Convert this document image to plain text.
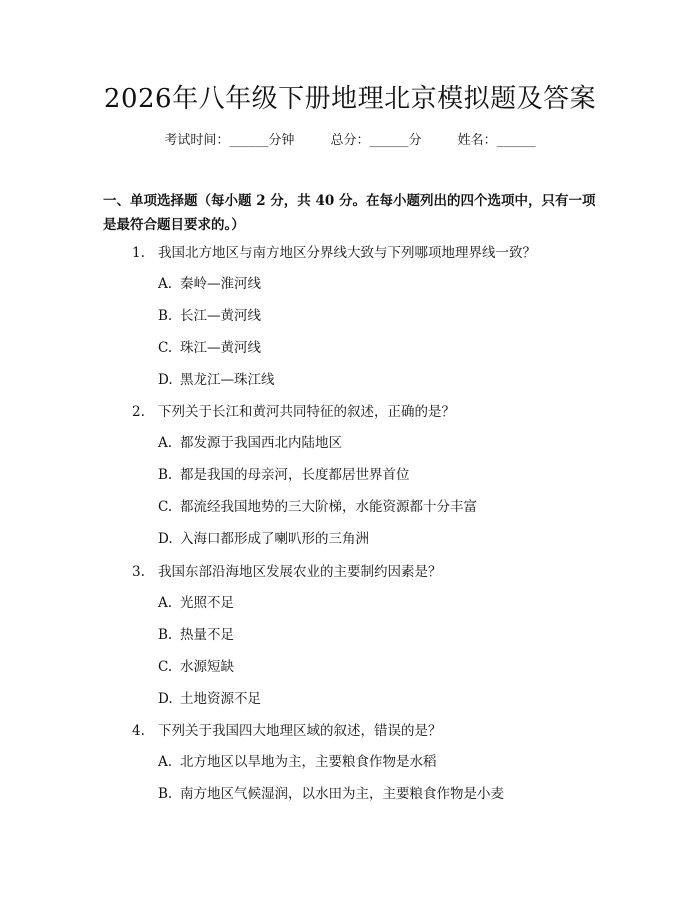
2026年八年级下册地理北京模拟题及答案
考试时间：______分钟	总分：______分	姓名：______
一、单项选择题（每小题 2 分，共 40 分。在每小题列出的四个选项中，只有一项
是最符合题目要求的。）
1. 我国北方地区与南方地区分界线大致与下列哪项地理界线一致？
A. 秦岭—淮河线
B. 长江—黄河线
C. 珠江—黄河线
D. 黑龙江—珠江线
2. 下列关于长江和黄河共同特征的叙述，正确的是？
A. 都发源于我国西北内陆地区
B. 都是我国的母亲河，长度都居世界首位
C. 都流经我国地势的三大阶梯，水能资源都十分丰富
D. 入海口都形成了喇叭形的三角洲
3. 我国东部沿海地区发展农业的主要制约因素是？
A. 光照不足
B. 热量不足
C. 水源短缺
D. 土地资源不足
4. 下列关于我国四大地理区域的叙述，错误的是？
A. 北方地区以旱地为主，主要粮食作物是水稻
B. 南方地区气候湿润，以水田为主，主要粮食作物是小麦
